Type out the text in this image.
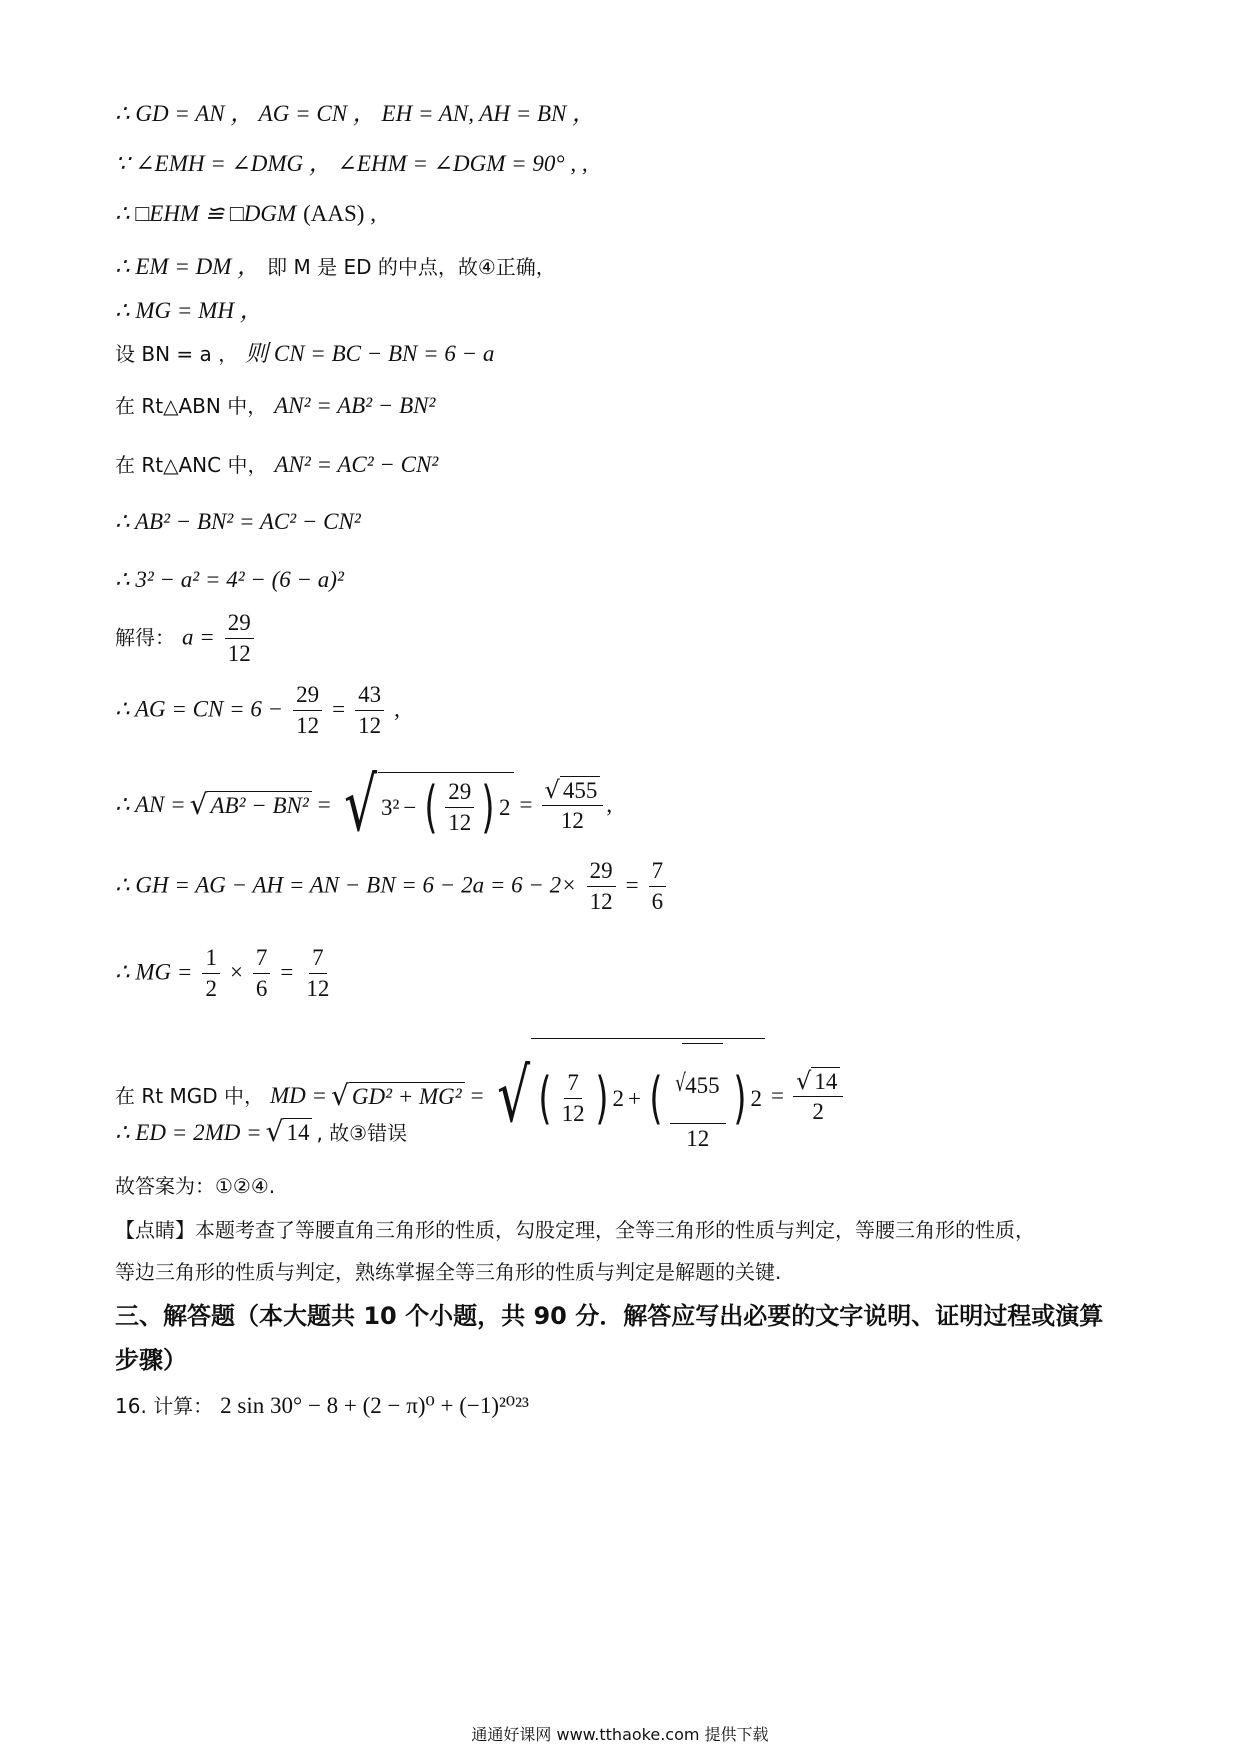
∴ GD = AN ， AG = CN ， EH = AN, AH = BN ，
∵ ∠EMH = ∠DMG ， ∠EHM = ∠DGM = 90° , ,
∴ □EHM ≌ □DGM (AAS) ,
∴ EM = DM ， 即 M 是 ED 的中点，故④正确，
∴ MG = MH ，
设 BN = a ， 则 CN = BC − BN = 6 − a
在 Rt△ABN 中， AN² = AB² − BN²
在 Rt△ANC 中， AN² = AC² − CN²
∴ AB² − BN² = AC² − CN²
∴ 3² − a² = 4² − (6 − a)²
解得： $a = \frac{29}{12}$
∴ AG = CN = $6 - \frac{29}{12} = \frac{43}{12}$ ,
∴ AN = √ AB² − BN² = √ 3² − ( $\frac{29}{12}$ ) $2 = \frac{√ 455}{12}$ ,
∴ GH = AG − AH = AN − BN = $6 - 2a = 6 - 2\times \frac{29}{12} = \frac{7}{6}$
∴ MG = $\frac{1}{2} \times \frac{7}{6} = \frac{7}{12}$
在 Rt MGD 中， MD = √ GD² + MG² = √ ( $\frac{7}{12}$ ) 2 + ( $\frac{√ 455}{12}$ ) $2 = \frac{√ 14}{2}$
∴ ED = 2MD = √ 14 , 故③错误
故答案为：①②④.
【点睛】本题考查了等腰直角三角形的性质，勾股定理，全等三角形的性质与判定，等腰三角形的性质，
等边三角形的性质与判定，熟练掌握全等三角形的性质与判定是解题的关键.
三、解答题（本大题共 10 个小题，共 90 分．解答应写出必要的文字说明、证明过程或演算
步骤）
16. 计算： 2 sin 30° − 8 + (2 − π)⁰ + (−1)²⁰²³
通通好课网 www.tthaoke.com 提供下载
